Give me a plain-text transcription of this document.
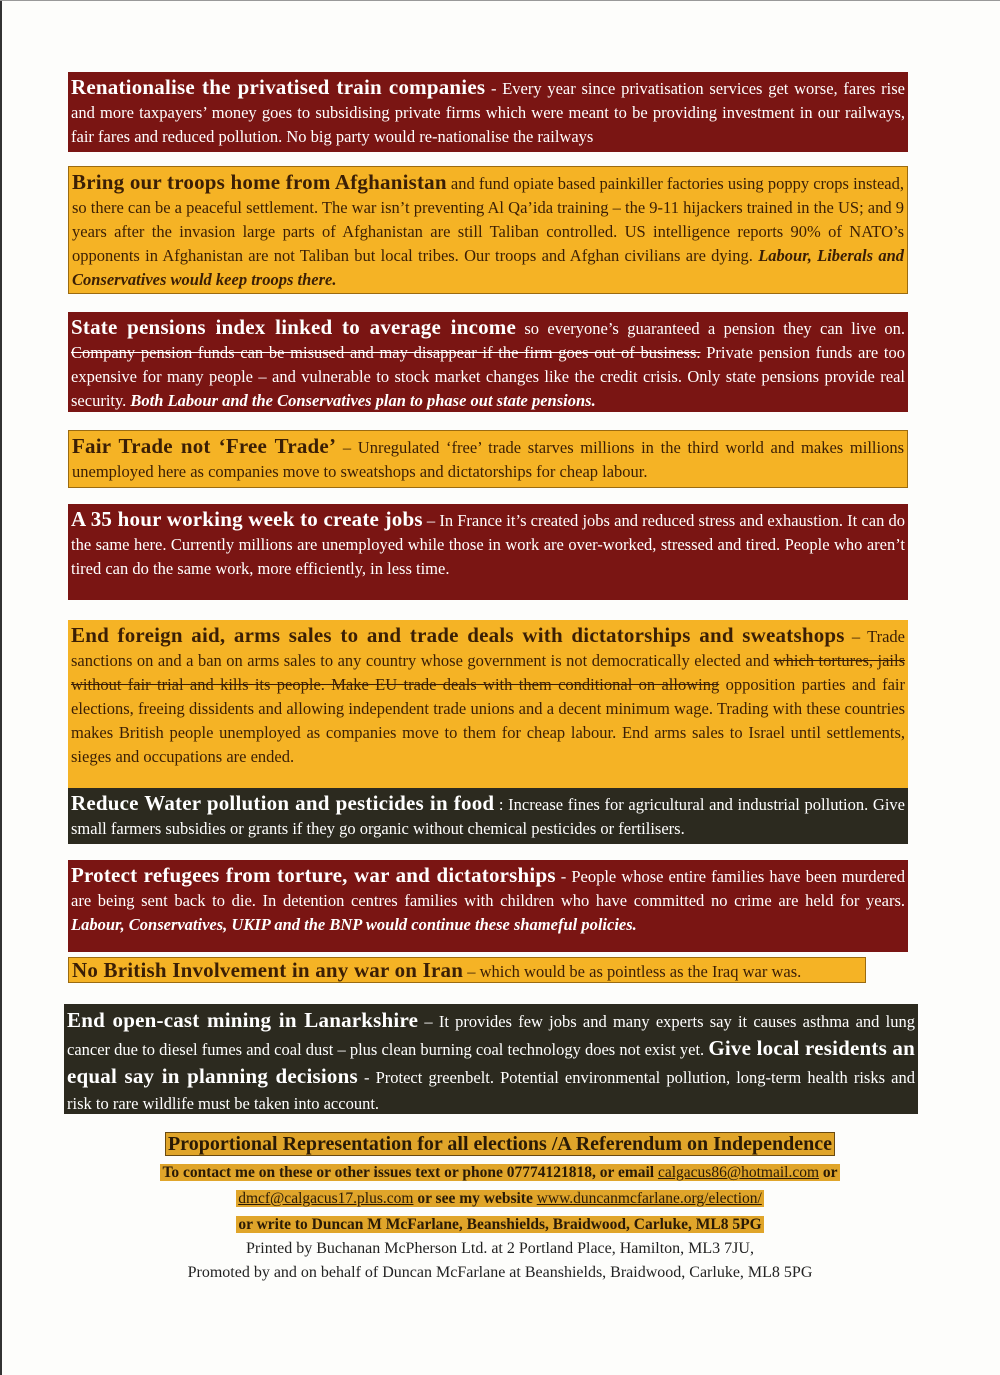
Renationalise the privatised train companies - Every year since privatisation services get worse, fares rise and more taxpayers’ money goes to subsidising private firms which were meant to be providing investment in our railways, fair fares and reduced pollution. No big party would re-nationalise the railways
Bring our troops home from Afghanistan and fund opiate based painkiller factories using poppy crops instead, so there can be a peaceful settlement. The war isn’t preventing Al Qa’ida training – the 9-11 hijackers trained in the US; and 9 years after the invasion large parts of Afghanistan are still Taliban controlled. US intelligence reports 90% of NATO’s opponents in Afghanistan are not Taliban but local tribes. Our troops and Afghan civilians are dying. Labour, Liberals and Conservatives would keep troops there.
State pensions index linked to average income so everyone’s guaranteed a pension they can live on. Company pension funds can be misused and may disappear if the firm goes out of business. Private pension funds are too expensive for many people – and vulnerable to stock market changes like the credit crisis. Only state pensions provide real security. Both Labour and the Conservatives plan to phase out state pensions.
Fair Trade not ‘Free Trade’ – Unregulated ‘free’ trade starves millions in the third world and makes millions unemployed here as companies move to sweatshops and dictatorships for cheap labour.
A 35 hour working week to create jobs – In France it’s created jobs and reduced stress and exhaustion. It can do the same here. Currently millions are unemployed while those in work are over-worked, stressed and tired. People who aren’t tired can do the same work, more efficiently, in less time.
End foreign aid, arms sales to and trade deals with dictatorships and sweatshops – Trade sanctions on and a ban on arms sales to any country whose government is not democratically elected and which tortures, jails without fair trial and kills its people. Make EU trade deals with them conditional on allowing opposition parties and fair elections, freeing dissidents and allowing independent trade unions and a decent minimum wage. Trading with these countries makes British people unemployed as companies move to them for cheap labour. End arms sales to Israel until settlements, sieges and occupations are ended.
Reduce Water pollution and pesticides in food : Increase fines for agricultural and industrial pollution. Give small farmers subsidies or grants if they go organic without chemical pesticides or fertilisers.
Protect refugees from torture, war and dictatorships - People whose entire families have been murdered are being sent back to die. In detention centres families with children who have committed no crime are held for years. Labour, Conservatives, UKIP and the BNP would continue these shameful policies.
No British Involvement in any war on Iran – which would be as pointless as the Iraq war was.
End open-cast mining in Lanarkshire – It provides few jobs and many experts say it causes asthma and lung cancer due to diesel fumes and coal dust – plus clean burning coal technology does not exist yet. Give local residents an equal say in planning decisions - Protect greenbelt. Potential environmental pollution, long-term health risks and risk to rare wildlife must be taken into account.
Proportional Representation for all elections /A Referendum on Independence
To contact me on these or other issues text or phone 07774121818, or email calgacus86@hotmail.com or
dmcf@calgacus17.plus.com or see my website www.duncanmcfarlane.org/election/
or write to Duncan M McFarlane, Beanshields, Braidwood, Carluke, ML8 5PG
Printed by Buchanan McPherson Ltd. at 2 Portland Place, Hamilton, ML3 7JU,
Promoted by and on behalf of Duncan McFarlane at Beanshields, Braidwood, Carluke, ML8 5PG
